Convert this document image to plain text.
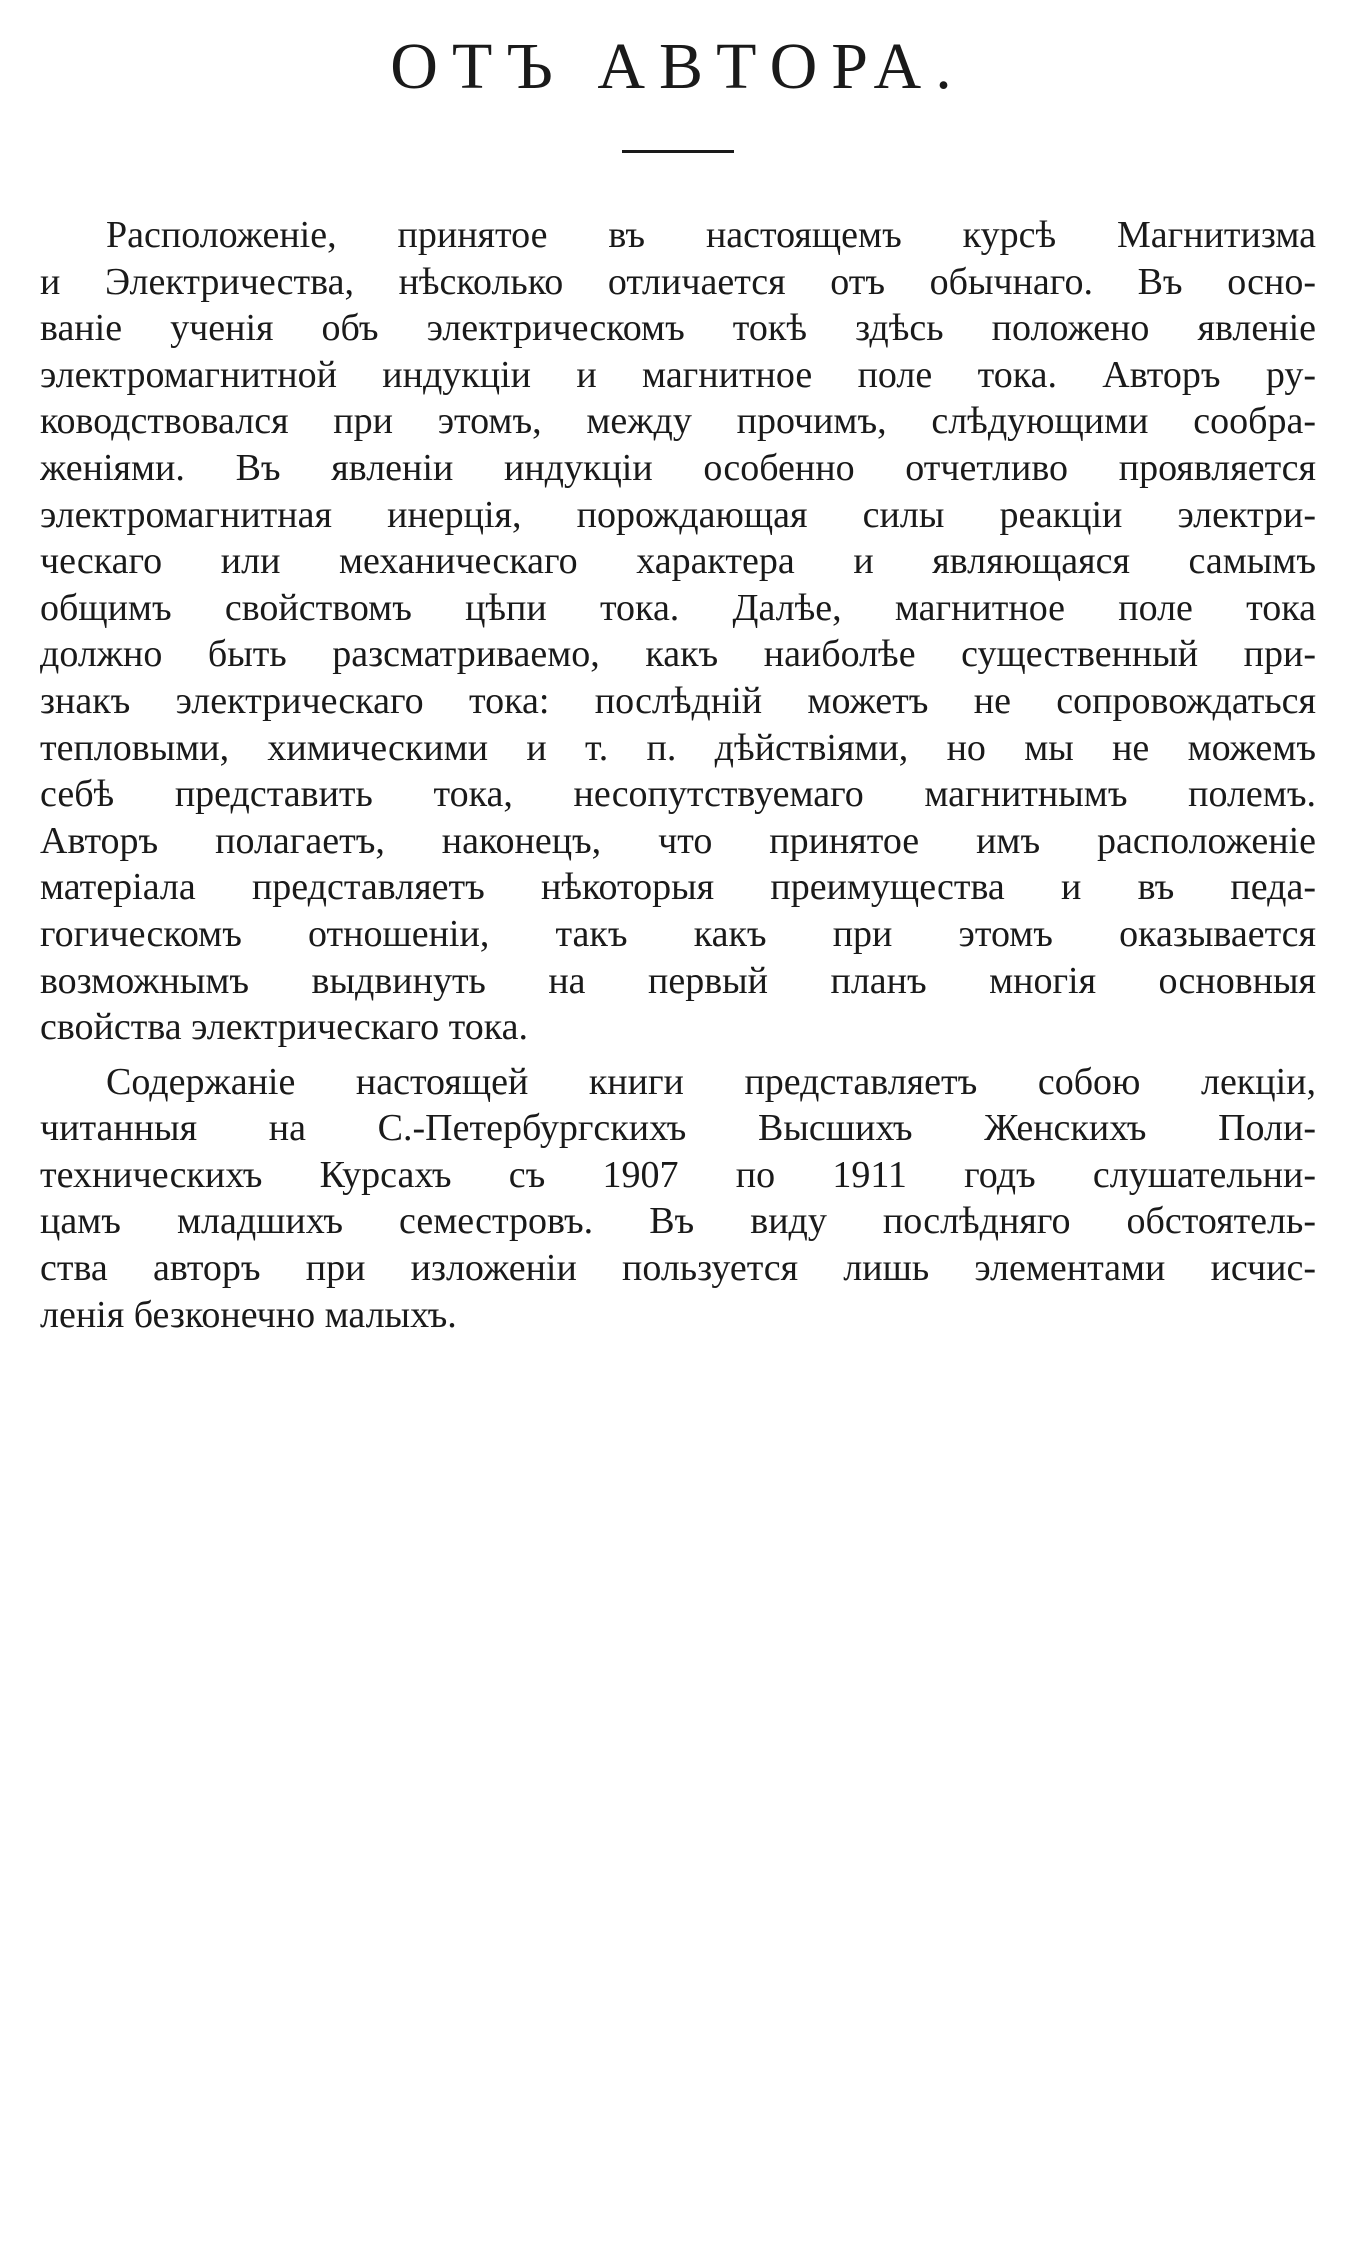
ОТЪ АВТОРА.
Расположеніе, принятое въ настоящемъ курсѣ Магнитизма
и Электричества, нѣсколько отличается отъ обычнаго. Въ осно-
ваніе ученія объ электрическомъ токѣ здѣсь положено явленіе
электромагнитной индукціи и магнитное поле тока. Авторъ ру-
ководствовался при этомъ, между прочимъ, слѣдующими сообра-
женіями. Въ явленіи индукціи особенно отчетливо проявляется
электромагнитная инерція, порождающая силы реакціи электри-
ческаго или механическаго характера и являющаяся самымъ
общимъ свойствомъ цѣпи тока. Далѣе, магнитное поле тока
должно быть разсматриваемо, какъ наиболѣе существенный при-
знакъ электрическаго тока: послѣдній можетъ не сопровождаться
тепловыми, химическими и т. п. дѣйствіями, но мы не можемъ
себѣ представить тока, несопутствуемаго магнитнымъ полемъ.
Авторъ полагаетъ, наконецъ, что принятое имъ расположеніе
матеріала представляетъ нѣкоторыя преимущества и въ педа-
гогическомъ отношеніи, такъ какъ при этомъ оказывается
возможнымъ выдвинуть на первый планъ многія основныя
свойства электрическаго тока.
Содержаніе настоящей книги представляетъ собою лекціи,
читанныя на С.-Петербургскихъ Высшихъ Женскихъ Поли-
техническихъ Курсахъ съ 1907 по 1911 годъ слушательни-
цамъ младшихъ семестровъ. Въ виду послѣдняго обстоятель-
ства авторъ при изложеніи пользуется лишь элементами исчис-
ленія безконечно малыхъ.
